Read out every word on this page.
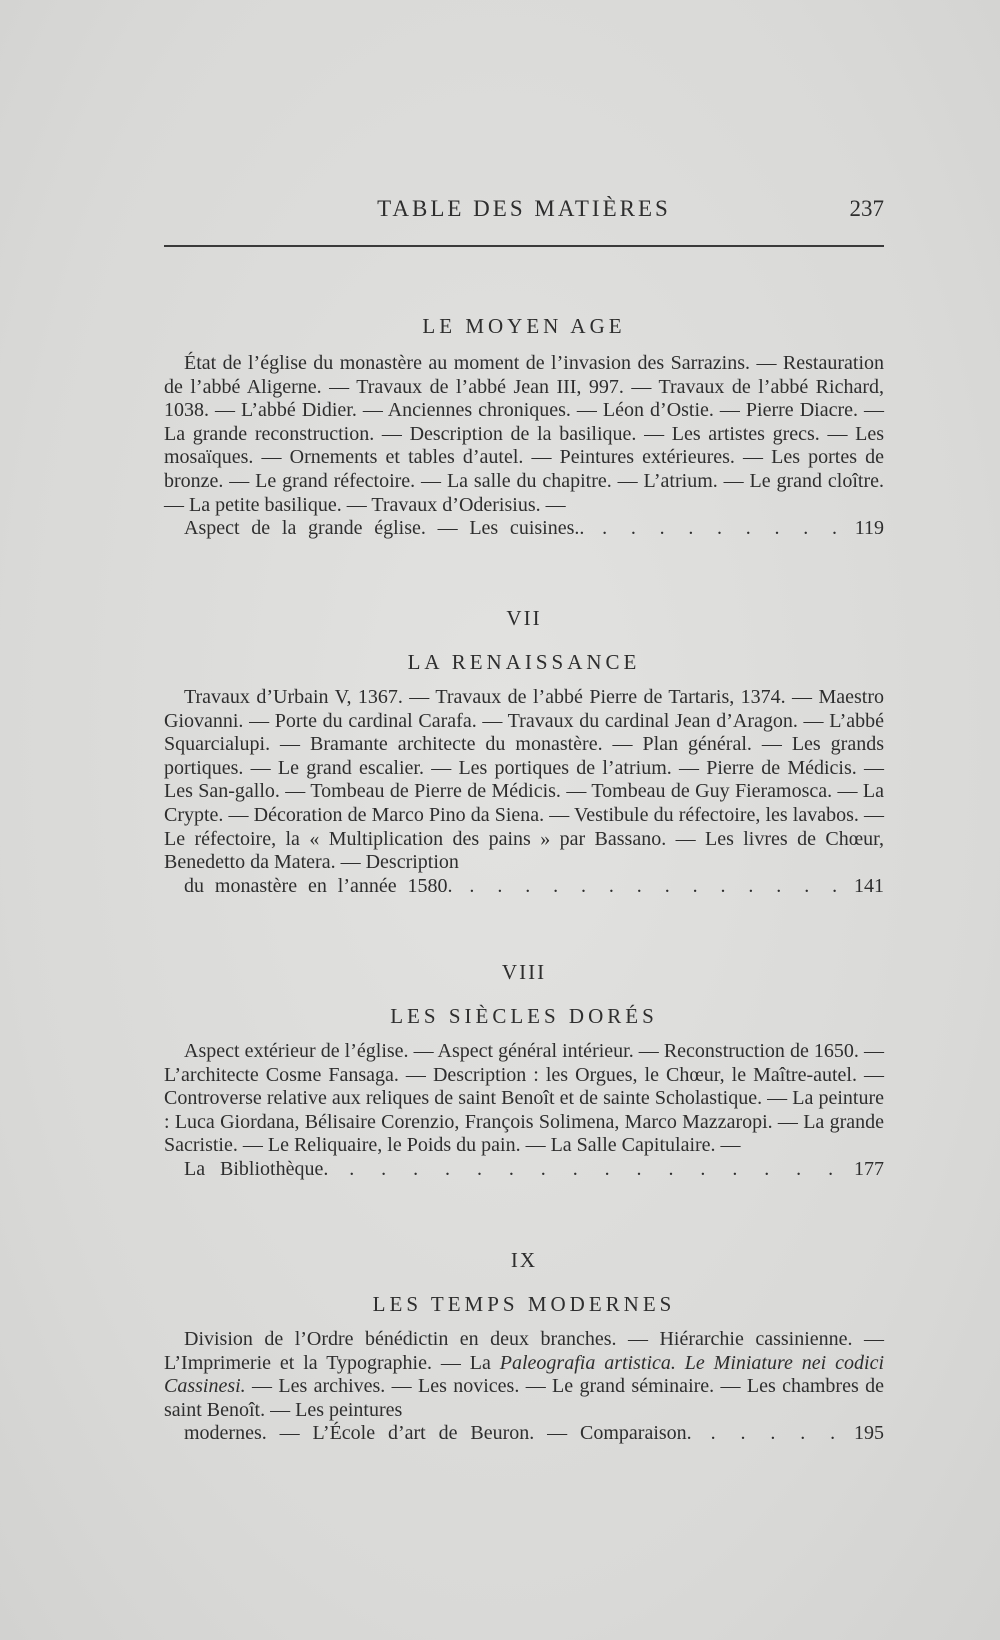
TABLE DES MATIÈRES	237
LE MOYEN AGE
État de l’église du monastère au moment de l’invasion des Sarrazins. — Restauration de l’abbé Aligerne. — Travaux de l’abbé Jean III, 997. — Travaux de l’abbé Richard, 1038. — L’abbé Didier. — Anciennes chroniques. — Léon d’Ostie. — Pierre Diacre. — La grande reconstruction. — Description de la basilique. — Les artistes grecs. — Les mosaïques. — Ornements et tables d’autel. — Peintures extérieures. — Les portes de bronze. — Le grand réfectoire. — La salle du chapitre. — L’atrium. — Le grand cloître. — La petite basilique. — Travaux d’Oderisius. —
Aspect de la grande église. — Les cuisines.. . . . . . . . . . 119
VII
LA RENAISSANCE
Travaux d’Urbain V, 1367. — Travaux de l’abbé Pierre de Tartaris, 1374. — Maestro Giovanni. — Porte du cardinal Carafa. — Travaux du cardinal Jean d’Aragon. — L’abbé Squarcialupi. — Bramante architecte du monastère. — Plan général. — Les grands portiques. — Le grand escalier. — Les portiques de l’atrium. — Pierre de Médicis. — Les San-gallo. — Tombeau de Pierre de Médicis. — Tombeau de Guy Fieramosca. — La Crypte. — Décoration de Marco Pino da Siena. — Vestibule du réfectoire, les lavabos. — Le réfectoire, la « Multiplication des pains » par Bassano. — Les livres de Chœur, Benedetto da Matera. — Description
du monastère en l’année 1580. . . . . . . . . . . . . . . 141
VIII
LES SIÈCLES DORÉS
Aspect extérieur de l’église. — Aspect général intérieur. — Reconstruction de 1650. — L’architecte Cosme Fansaga. — Description : les Orgues, le Chœur, le Maître-autel. — Controverse relative aux reliques de saint Benoît et de sainte Scholastique. — La peinture : Luca Giordana, Bélisaire Corenzio, François Solimena, Marco Mazzaropi. — La grande Sacristie. — Le Reliquaire, le Poids du pain. — La Salle Capitulaire. —
La Bibliothèque. . . . . . . . . . . . . . . . . 177
IX
LES TEMPS MODERNES
Division de l’Ordre bénédictin en deux branches. — Hiérarchie cassinienne. — L’Imprimerie et la Typographie. — La Paleografia artistica. Le Miniature nei codici Cassinesi. — Les archives. — Les novices. — Le grand séminaire. — Les chambres de saint Benoît. — Les peintures
modernes. — L’École d’art de Beuron. — Comparaison. . . . . . 195
